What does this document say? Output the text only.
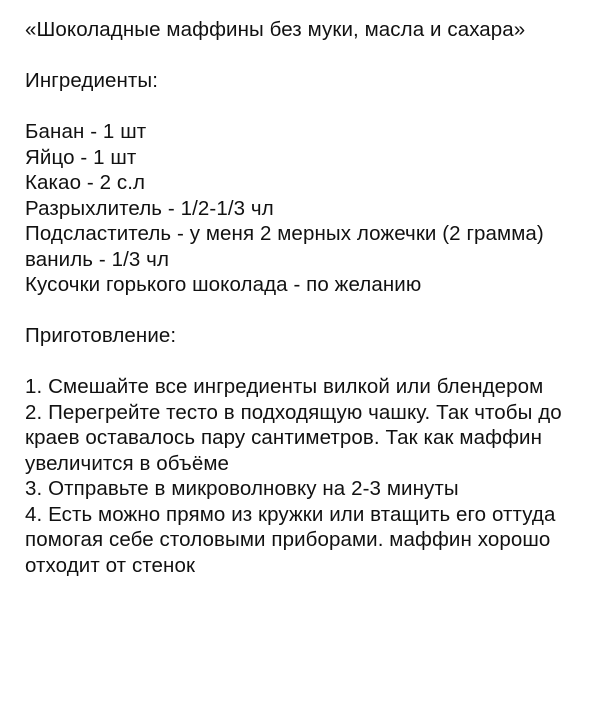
«Шоколадные маффины без муки, масла и сахара»
Ингредиенты:
Банан - 1 шт
Яйцо - 1 шт
Какао - 2 с.л
Разрыхлитель - 1/2-1/3 чл
Подсластитель - у меня 2 мерных ложечки (2 грамма)
ваниль - 1/3 чл
Кусочки горького шоколада - по желанию
Приготовление:
1. Смешайте все ингредиенты вилкой или блендером
2. Перегрейте тесто в подходящую чашку. Так чтобы до краев оставалось пару сантиметров. Так как маффин увеличится в объёме
3. Отправьте в микроволновку на 2-3 минуты
4. Есть можно прямо из кружки или втащить его оттуда помогая себе столовыми приборами. маффин хорошо отходит от стенок
